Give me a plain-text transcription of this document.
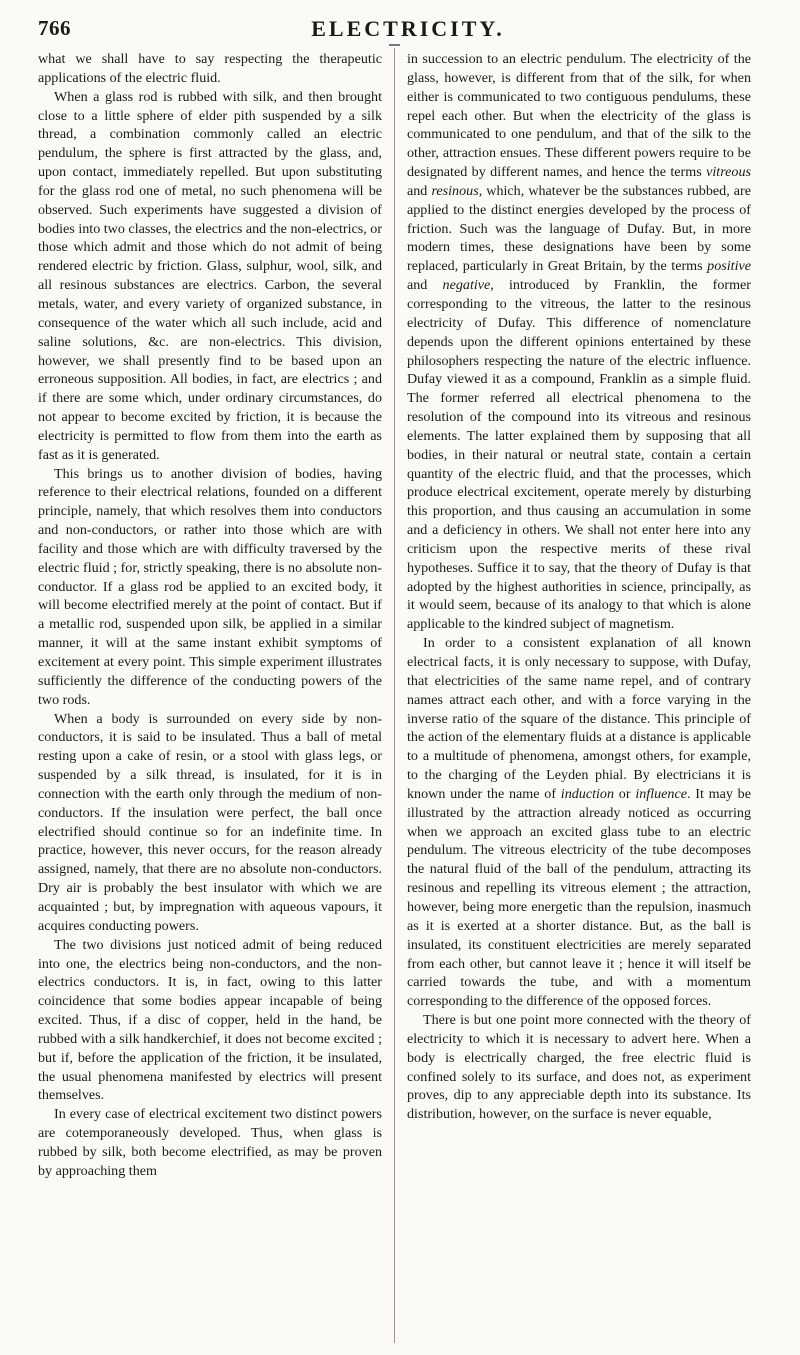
766	ELECTRICITY.

what we shall have to say respecting the therapeutic applications of the electric fluid.

When a glass rod is rubbed with silk, and then brought close to a little sphere of elder pith suspended by a silk thread, a combination commonly called an electric pendulum, the sphere is first attracted by the glass, and, upon contact, immediately repelled. But upon substituting for the glass rod one of metal, no such phenomena will be observed. Such experiments have suggested a division of bodies into two classes, the electrics and the non-electrics, or those which admit and those which do not admit of being rendered electric by friction. Glass, sulphur, wool, silk, and all resinous substances are electrics. Carbon, the several metals, water, and every variety of organized substance, in consequence of the water which all such include, acid and saline solutions, &c. are non-electrics. This division, however, we shall presently find to be based upon an erroneous supposition. All bodies, in fact, are electrics ; and if there are some which, under ordinary circumstances, do not appear to become excited by friction, it is because the electricity is permitted to flow from them into the earth as fast as it is generated.

This brings us to another division of bodies, having reference to their electrical relations, founded on a different principle, namely, that which resolves them into conductors and non-conductors, or rather into those which are with facility and those which are with difficulty traversed by the electric fluid ; for, strictly speaking, there is no absolute non-conductor. If a glass rod be applied to an excited body, it will become electrified merely at the point of contact. But if a metallic rod, suspended upon silk, be applied in a similar manner, it will at the same instant exhibit symptoms of excitement at every point. This simple experiment illustrates sufficiently the difference of the conducting powers of the two rods.

When a body is surrounded on every side by non-conductors, it is said to be insulated. Thus a ball of metal resting upon a cake of resin, or a stool with glass legs, or suspended by a silk thread, is insulated, for it is in connection with the earth only through the medium of non-conductors. If the insulation were perfect, the ball once electrified should continue so for an indefinite time. In practice, however, this never occurs, for the reason already assigned, namely, that there are no absolute non-conductors. Dry air is probably the best insulator with which we are acquainted ; but, by impregnation with aqueous vapours, it acquires conducting powers.

The two divisions just noticed admit of being reduced into one, the electrics being non-conductors, and the non-electrics conductors. It is, in fact, owing to this latter coincidence that some bodies appear incapable of being excited. Thus, if a disc of copper, held in the hand, be rubbed with a silk handkerchief, it does not become excited ; but if, before the application of the friction, it be insulated, the usual phenomena manifested by electrics will present themselves.

In every case of electrical excitement two distinct powers are cotemporaneously developed. Thus, when glass is rubbed by silk, both become electrified, as may be proven by approaching them

in succession to an electric pendulum. The electricity of the glass, however, is different from that of the silk, for when either is communicated to two contiguous pendulums, these repel each other. But when the electricity of the glass is communicated to one pendulum, and that of the silk to the other, attraction ensues. These different powers require to be designated by different names, and hence the terms vitreous and resinous, which, whatever be the substances rubbed, are applied to the distinct energies developed by the process of friction. Such was the language of Dufay. But, in more modern times, these designations have been by some replaced, particularly in Great Britain, by the terms positive and negative, introduced by Franklin, the former corresponding to the vitreous, the latter to the resinous electricity of Dufay. This difference of nomenclature depends upon the different opinions entertained by these philosophers respecting the nature of the electric influence. Dufay viewed it as a compound, Franklin as a simple fluid. The former referred all electrical phenomena to the resolution of the compound into its vitreous and resinous elements. The latter explained them by supposing that all bodies, in their natural or neutral state, contain a certain quantity of the electric fluid, and that the processes, which produce electrical excitement, operate merely by disturbing this proportion, and thus causing an accumulation in some and a deficiency in others. We shall not enter here into any criticism upon the respective merits of these rival hypotheses. Suffice it to say, that the theory of Dufay is that adopted by the highest authorities in science, principally, as it would seem, because of its analogy to that which is alone applicable to the kindred subject of magnetism.

In order to a consistent explanation of all known electrical facts, it is only necessary to suppose, with Dufay, that electricities of the same name repel, and of contrary names attract each other, and with a force varying in the inverse ratio of the square of the distance. This principle of the action of the elementary fluids at a distance is applicable to a multitude of phenomena, amongst others, for example, to the charging of the Leyden phial. By electricians it is known under the name of induction or influence. It may be illustrated by the attraction already noticed as occurring when we approach an excited glass tube to an electric pendulum. The vitreous electricity of the tube decomposes the natural fluid of the ball of the pendulum, attracting its resinous and repelling its vitreous element ; the attraction, however, being more energetic than the repulsion, inasmuch as it is exerted at a shorter distance. But, as the ball is insulated, its constituent electricities are merely separated from each other, but cannot leave it ; hence it will itself be carried towards the tube, and with a momentum corresponding to the difference of the opposed forces.

There is but one point more connected with the theory of electricity to which it is necessary to advert here. When a body is electrically charged, the free electric fluid is confined solely to its surface, and does not, as experiment proves, dip to any appreciable depth into its substance. Its distribution, however, on the surface is never equable,
